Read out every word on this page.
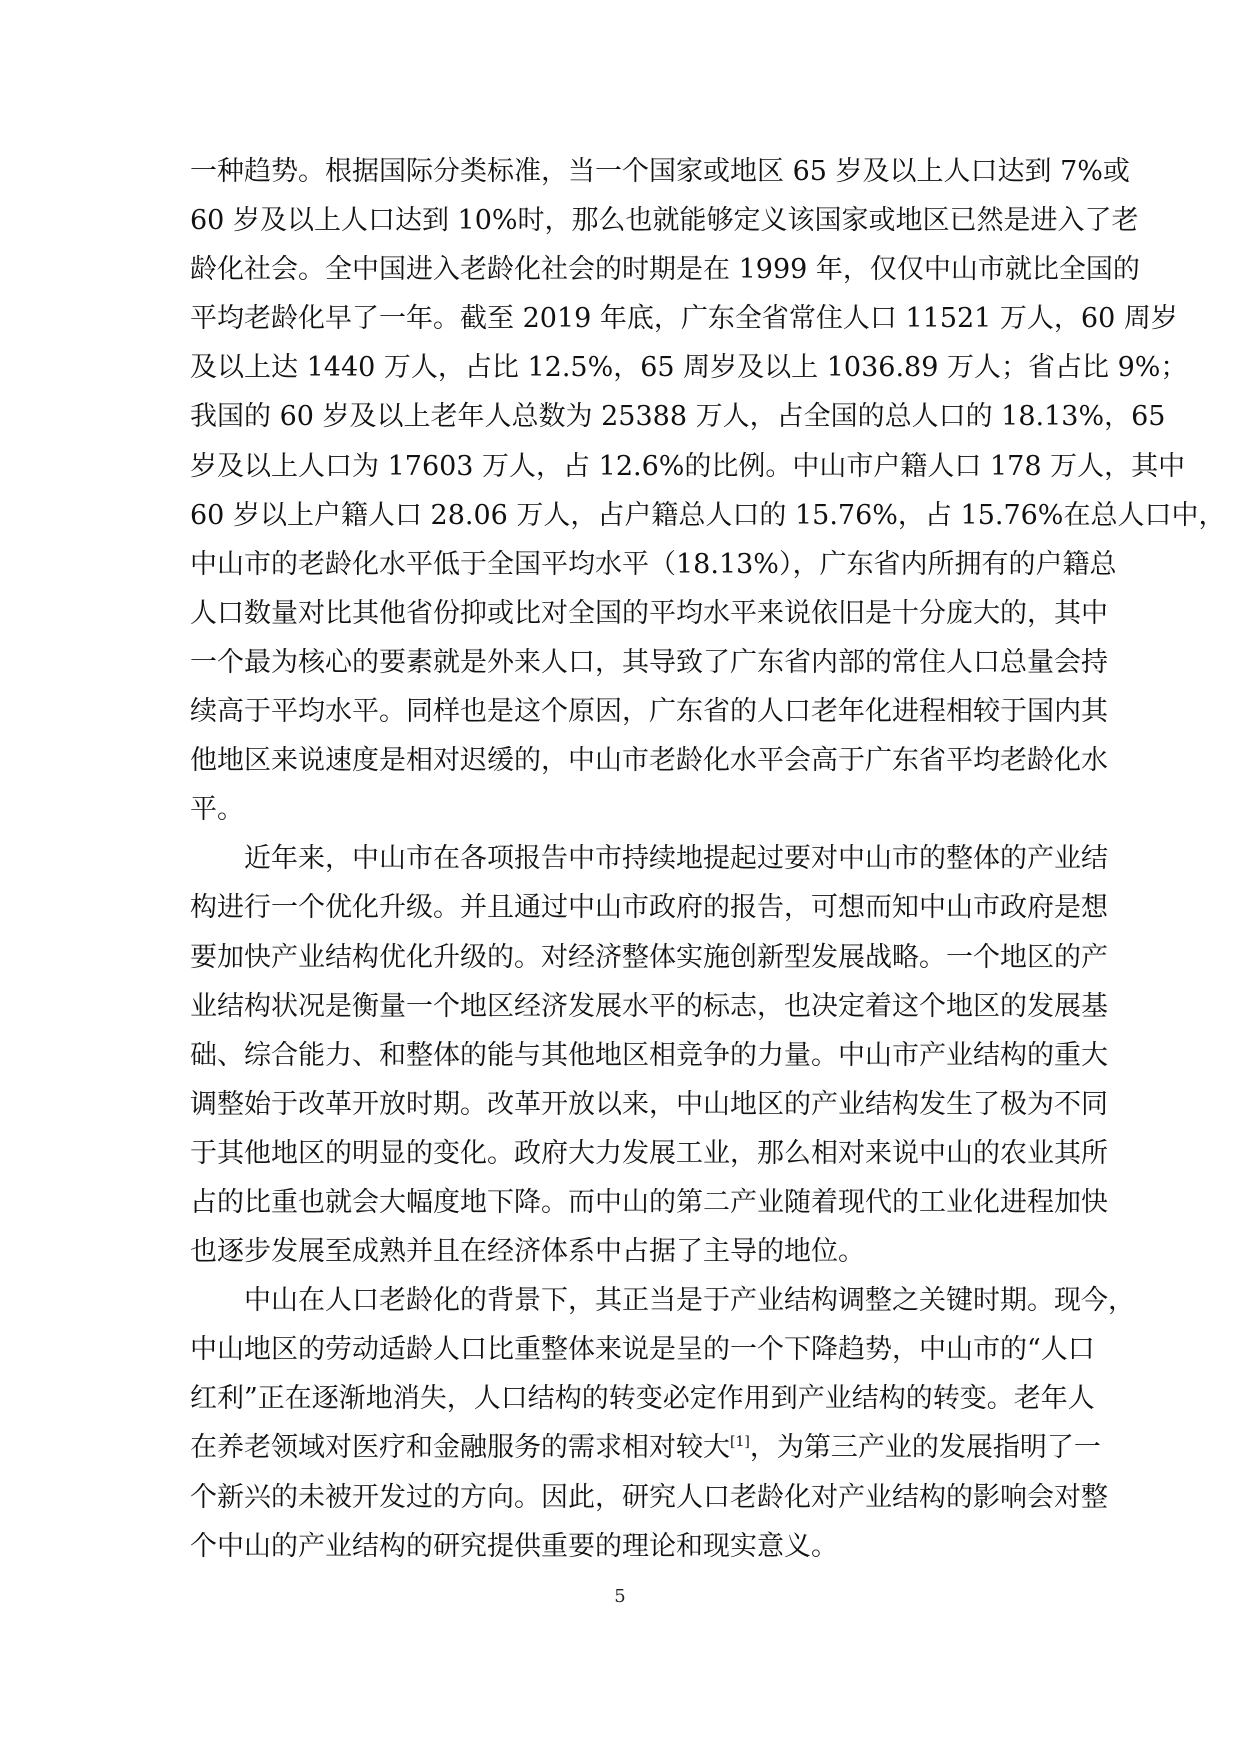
一种趋势。根据国际分类标准，当一个国家或地区 65 岁及以上人口达到 7%或
60 岁及以上人口达到 10%时，那么也就能够定义该国家或地区已然是进入了老
龄化社会。全中国进入老龄化社会的时期是在 1999 年，仅仅中山市就比全国的
平均老龄化早了一年。截至 2019 年底，广东全省常住人口 11521 万人，60 周岁
及以上达 1440 万人，占比 12.5%，65 周岁及以上 1036.89 万人；省占比 9%；
我国的 60 岁及以上老年人总数为 25388 万人，占全国的总人口的 18.13%，65
岁及以上人口为 17603 万人，占 12.6%的比例。中山市户籍人口 178 万人，其中
60 岁以上户籍人口 28.06 万人，占户籍总人口的 15.76%，占 15.76%在总人口中，
中山市的老龄化水平低于全国平均水平（18.13%），广东省内所拥有的户籍总
人口数量对比其他省份抑或比对全国的平均水平来说依旧是十分庞大的，其中
一个最为核心的要素就是外来人口，其导致了广东省内部的常住人口总量会持
续高于平均水平。同样也是这个原因，广东省的人口老年化进程相较于国内其
他地区来说速度是相对迟缓的，中山市老龄化水平会高于广东省平均老龄化水
平。
近年来，中山市在各项报告中市持续地提起过要对中山市的整体的产业结
构进行一个优化升级。并且通过中山市政府的报告，可想而知中山市政府是想
要加快产业结构优化升级的。对经济整体实施创新型发展战略。一个地区的产
业结构状况是衡量一个地区经济发展水平的标志，也决定着这个地区的发展基
础、综合能力、和整体的能与其他地区相竞争的力量。中山市产业结构的重大
调整始于改革开放时期。改革开放以来，中山地区的产业结构发生了极为不同
于其他地区的明显的变化。政府大力发展工业，那么相对来说中山的农业其所
占的比重也就会大幅度地下降。而中山的第二产业随着现代的工业化进程加快
也逐步发展至成熟并且在经济体系中占据了主导的地位。
中山在人口老龄化的背景下，其正当是于产业结构调整之关键时期。现今，
中山地区的劳动适龄人口比重整体来说是呈的一个下降趋势，中山市的“人口
红利”正在逐渐地消失，人口结构的转变必定作用到产业结构的转变。老年人
在养老领域对医疗和金融服务的需求相对较大[1]，为第三产业的发展指明了一
个新兴的未被开发过的方向。因此，研究人口老龄化对产业结构的影响会对整
个中山的产业结构的研究提供重要的理论和现实意义。
5
